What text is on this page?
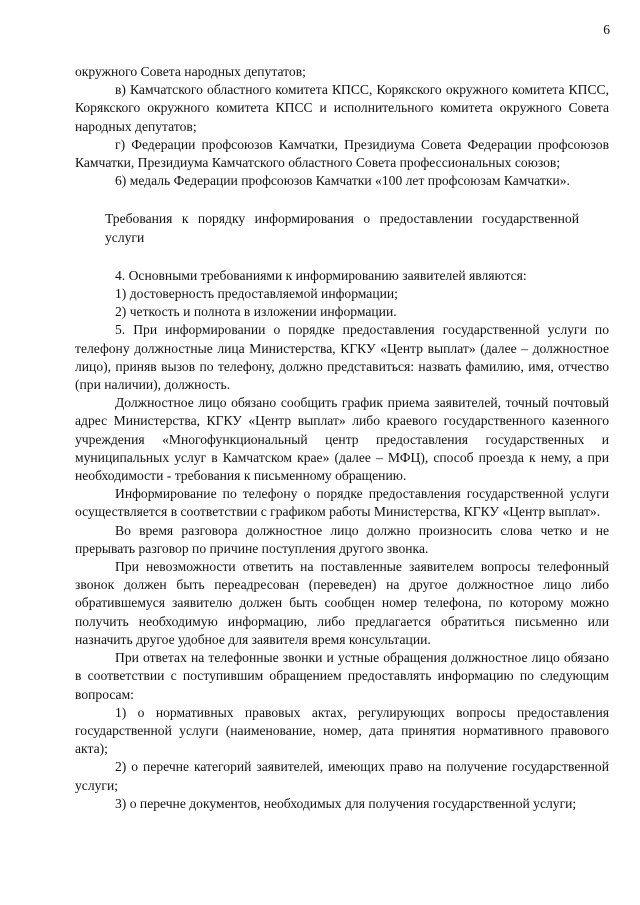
6

окружного Совета народных депутатов;

в) Камчатского областного комитета КПСС, Корякского окружного комитета КПСС, Корякского окружного комитета КПСС и исполнительного комитета окружного Совета народных депутатов;

г) Федерации профсоюзов Камчатки, Президиума Совета Федерации профсоюзов Камчатки, Президиума Камчатского областного Совета профессиональных союзов;

6) медаль Федерации профсоюзов Камчатки «100 лет профсоюзам Камчатки».

Требования к порядку информирования о предоставлении государственной услуги

4. Основными требованиями к информированию заявителей являются:

1) достоверность предоставляемой информации;

2) четкость и полнота в изложении информации.

5. При информировании о порядке предоставления государственной услуги по телефону должностные лица Министерства, КГКУ «Центр выплат» (далее – должностное лицо), приняв вызов по телефону, должно представиться: назвать фамилию, имя, отчество (при наличии), должность.

Должностное лицо обязано сообщить график приема заявителей, точный почтовый адрес Министерства, КГКУ «Центр выплат» либо краевого государственного казенного учреждения «Многофункциональный центр предоставления государственных и муниципальных услуг в Камчатском крае» (далее – МФЦ), способ проезда к нему, а при необходимости - требования к письменному обращению.

Информирование по телефону о порядке предоставления государственной услуги осуществляется в соответствии с графиком работы Министерства, КГКУ «Центр выплат».

Во время разговора должностное лицо должно произносить слова четко и не прерывать разговор по причине поступления другого звонка.

При невозможности ответить на поставленные заявителем вопросы телефонный звонок должен быть переадресован (переведен) на другое должностное лицо либо обратившемуся заявителю должен быть сообщен номер телефона, по которому можно получить необходимую информацию, либо предлагается обратиться письменно или назначить другое удобное для заявителя время консультации.

При ответах на телефонные звонки и устные обращения должностное лицо обязано в соответствии с поступившим обращением предоставлять информацию по следующим вопросам:

1) о нормативных правовых актах, регулирующих вопросы предоставления государственной услуги (наименование, номер, дата принятия нормативного правового акта);

2) о перечне категорий заявителей, имеющих право на получение государственной услуги;

3) о перечне документов, необходимых для получения государственной услуги;
